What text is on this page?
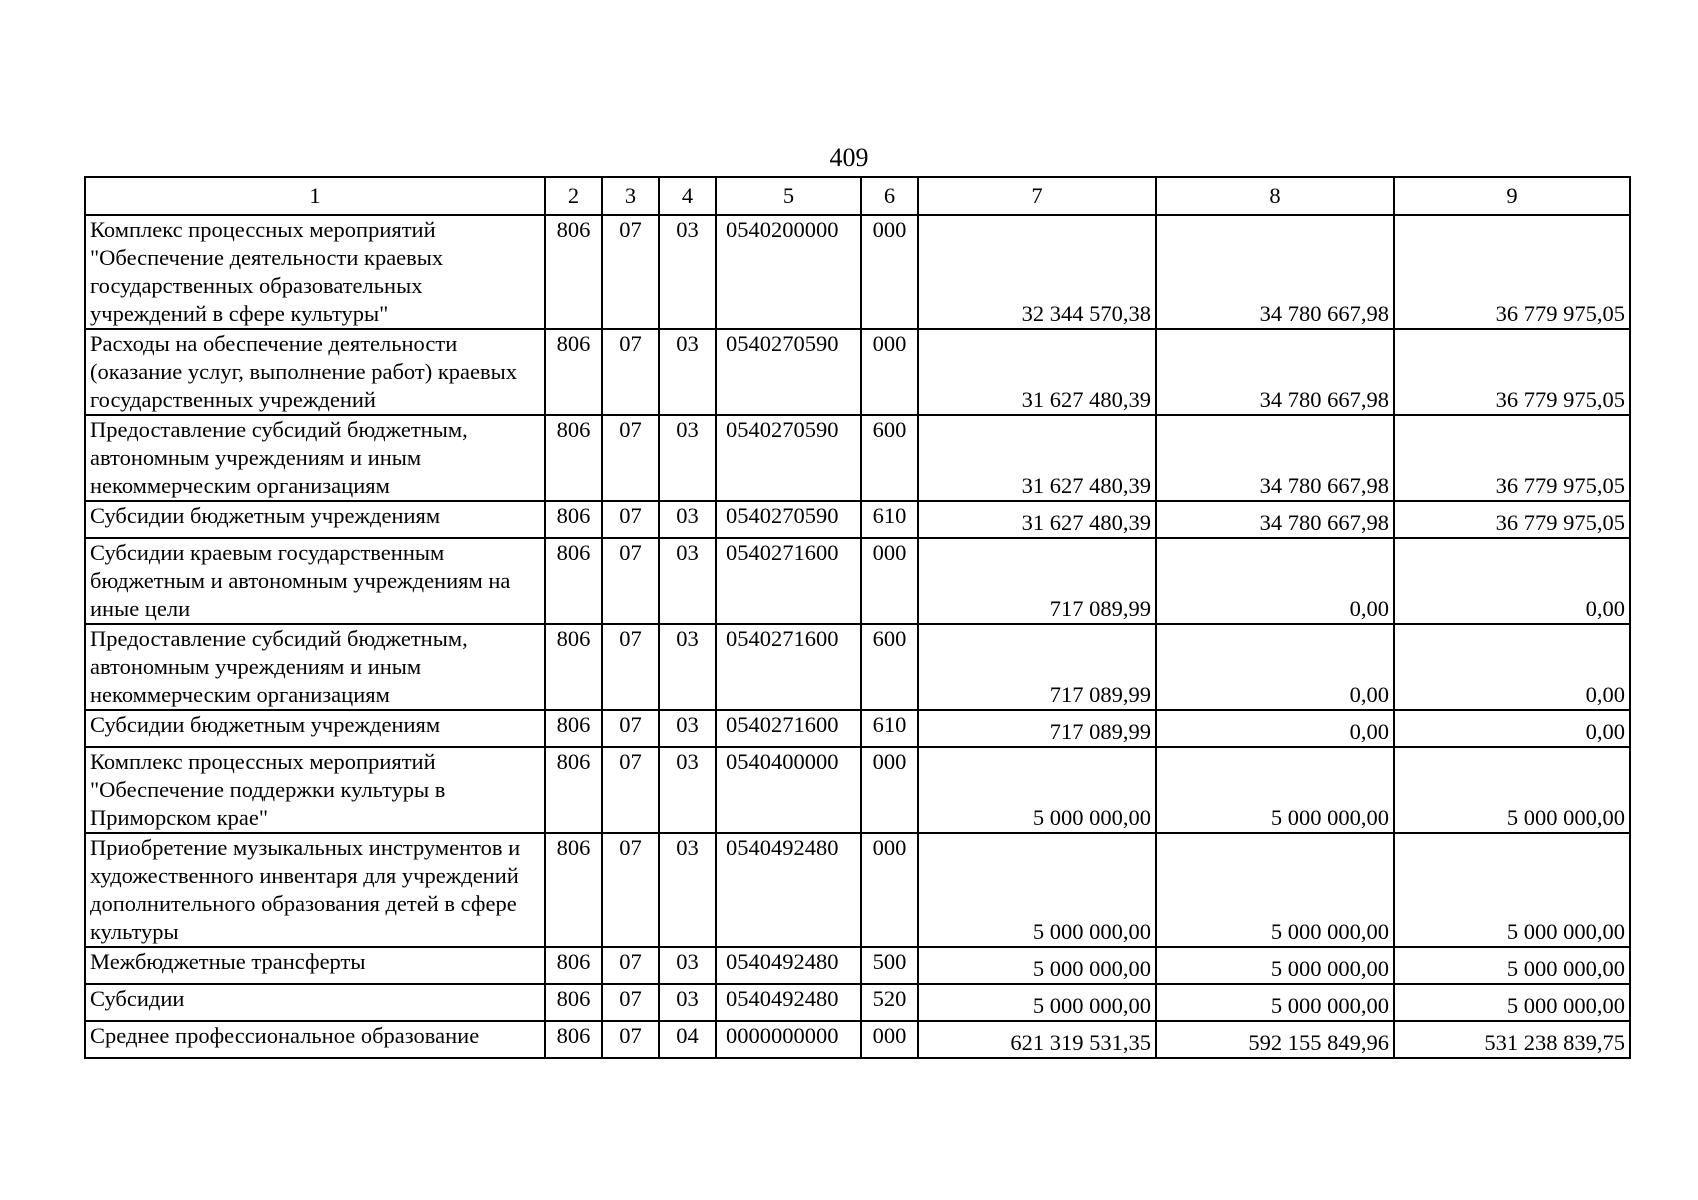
409
1	2	3	4	5	6	7	8	9
Комплекс процессных мероприятий "Обеспечение деятельности краевых государственных образовательных учреждений в сфере культуры"	806	07	03	0540200000	000	32 344 570,38	34 780 667,98	36 779 975,05
Расходы на обеспечение деятельности (оказание услуг, выполнение работ) краевых государственных учреждений	806	07	03	0540270590	000	31 627 480,39	34 780 667,98	36 779 975,05
Предоставление субсидий бюджетным, автономным учреждениям и иным некоммерческим организациям	806	07	03	0540270590	600	31 627 480,39	34 780 667,98	36 779 975,05
Субсидии бюджетным учреждениям	806	07	03	0540270590	610	31 627 480,39	34 780 667,98	36 779 975,05
Субсидии краевым государственным бюджетным и автономным учреждениям на иные цели	806	07	03	0540271600	000	717 089,99	0,00	0,00
Предоставление субсидий бюджетным, автономным учреждениям и иным некоммерческим организациям	806	07	03	0540271600	600	717 089,99	0,00	0,00
Субсидии бюджетным учреждениям	806	07	03	0540271600	610	717 089,99	0,00	0,00
Комплекс процессных мероприятий "Обеспечение поддержки культуры в Приморском крае"	806	07	03	0540400000	000	5 000 000,00	5 000 000,00	5 000 000,00
Приобретение музыкальных инструментов и художественного инвентаря для учреждений дополнительного образования детей в сфере культуры	806	07	03	0540492480	000	5 000 000,00	5 000 000,00	5 000 000,00
Межбюджетные трансферты	806	07	03	0540492480	500	5 000 000,00	5 000 000,00	5 000 000,00
Субсидии	806	07	03	0540492480	520	5 000 000,00	5 000 000,00	5 000 000,00
Среднее профессиональное образование	806	07	04	0000000000	000	621 319 531,35	592 155 849,96	531 238 839,75
